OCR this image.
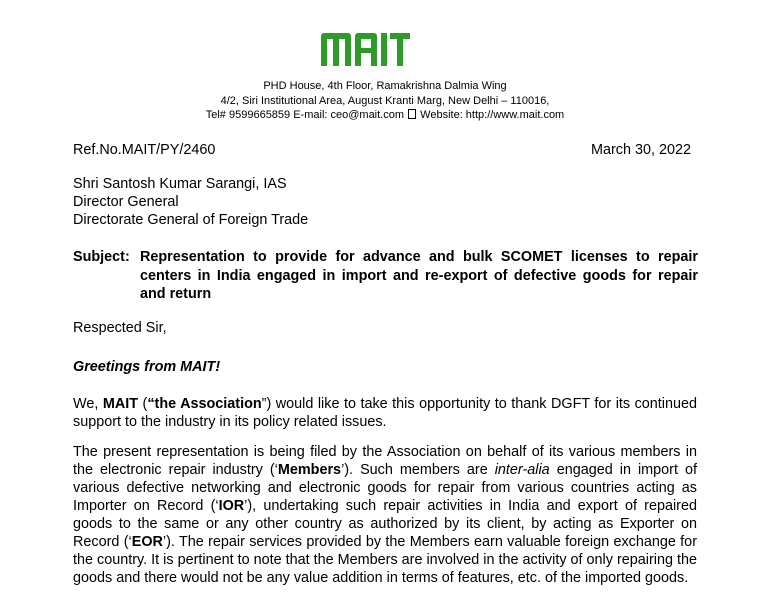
PHD House, 4th Floor, Ramakrishna Dalmia Wing
4/2, Siri Institutional Area, August Kranti Marg, New Delhi – 110016,
Tel# 9599665859 E-mail: ceo@mait.com Website: http://www.mait.com
Ref.No.MAIT/PY/2460	March 30, 2022
Shri Santosh Kumar Sarangi, IAS
Director General
Directorate General of Foreign Trade
Subject: Representation to provide for advance and bulk SCOMET licenses to repair centers in India engaged in import and re-export of defective goods for repair and return
Respected Sir,
Greetings from MAIT!
We, MAIT (“the Association”) would like to take this opportunity to thank DGFT for its continued support to the industry in its policy related issues.
The present representation is being filed by the Association on behalf of its various members in the electronic repair industry (‘Members’). Such members are inter-alia engaged in import of various defective networking and electronic goods for repair from various countries acting as Importer on Record (‘IOR’), undertaking such repair activities in India and export of repaired goods to the same or any other country as authorized by its client, by acting as Exporter on Record (‘EOR’). The repair services provided by the Members earn valuable foreign exchange for the country. It is pertinent to note that the Members are involved in the activity of only repairing the goods and there would not be any value addition in terms of features, etc. of the imported goods.
